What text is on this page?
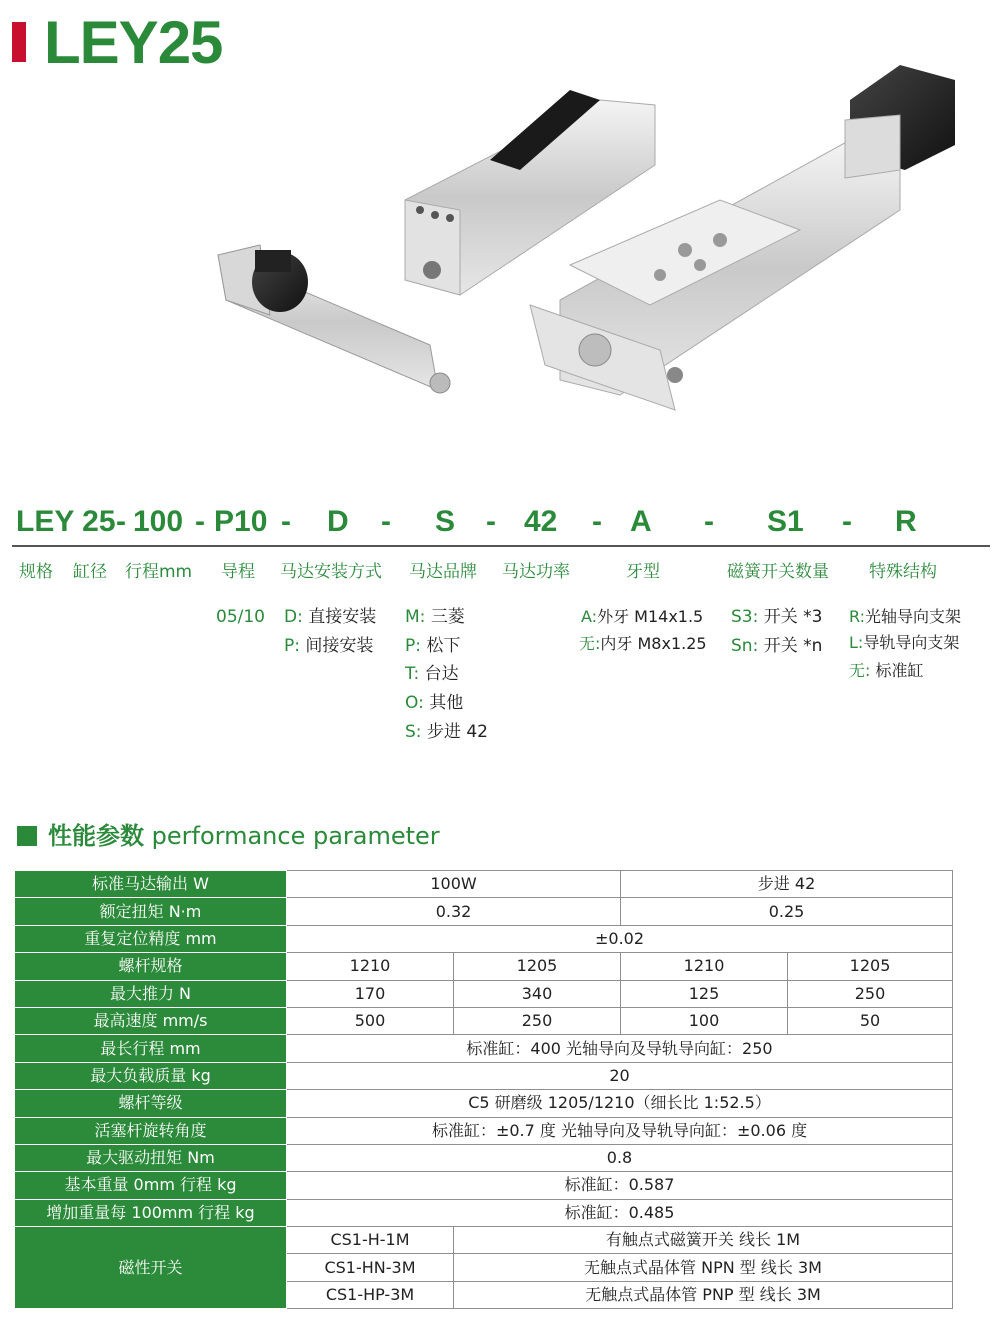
LEY25
LEY 25 - 100 - P10 - D - S - 42 - A - S1 - R
规格 缸径 行程mm 导程 马达安装方式 马达品牌 马达功率	牙型	磁簧开关数量 特殊结构
05/10 D: 直接安装
P: 间接安装
M: 三菱
P: 松下
T: 台达
O: 其他
S: 步进 42
A:外牙 M14x1.5
无:内牙 M8x1.25
S3: 开关 *3
Sn: 开关 *n
R:光轴导向支架
L:导轨导向支架
无: 标准缸
性能参数 performance parameter
标准马达输出 W	100W		步进 42	
额定扭矩 N·m	0.32		0.25	
重复定位精度 mm	±0.02			
螺杆规格	1210	1205	1210	1205
最大推力 N	170	340	125	250
最高速度 mm/s	500	250	100	50
最长行程 mm	标准缸：400 光轴导向及导轨导向缸：250			
最大负载质量 kg	20			
螺杆等级	C5 研磨级 1205/1210（细长比 1:52.5）			
活塞杆旋转角度	标准缸：±0.7 度 光轴导向及导轨导向缸：±0.06 度			
最大驱动扭矩 Nm	0.8			
基本重量 0mm 行程 kg	标准缸：0.587			
增加重量每 100mm 行程 kg	标准缸：0.485			
磁性开关	CS1-H-1M	有触点式磁簧开关 线长 1M		
	CS1-HN-3M	无触点式晶体管 NPN 型 线长 3M		
	CS1-HP-3M	无触点式晶体管 PNP 型 线长 3M		
